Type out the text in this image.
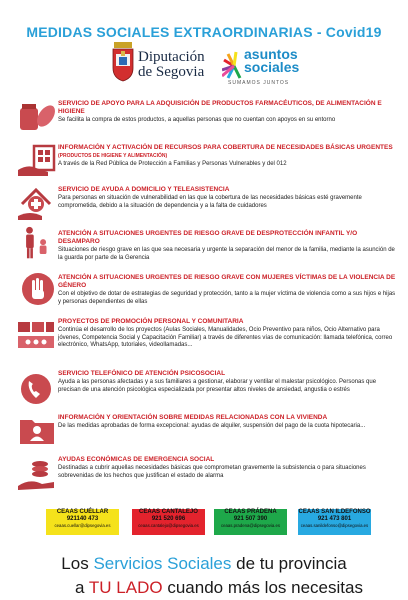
MEDIDAS SOCIALES EXTRAORDINARIAS - Covid19
Diputación
de Segovia
asuntos
sociales
SUMAMOS JUNTOS
SERVICIO DE APOYO PARA LA ADQUISICIÓN DE PRODUCTOS FARMACÉUTICOS, DE ALIMENTACIÓN E HIGIENE

Se facilita la compra de estos productos, a aquellas personas que no cuentan con apoyos en su entorno

INFORMACIÓN Y ACTIVACIÓN DE RECURSOS PARA COBERTURA DE NECESIDADES BÁSICAS URGENTES (PRODUCTOS DE HIGIENE Y ALIMENTACIÓN)

A través de la Red Pública de Protección a Familias y Personas Vulnerables y del 012

SERVICIO DE AYUDA A DOMICILIO Y TELEASISTENCIA

Para personas en situación de vulnerabilidad en las que la cobertura de las necesidades básicas esté gravemente comprometida, debido a la situación de dependencia y a la falta de cuidadores

ATENCIÓN A SITUACIONES URGENTES DE RIESGO GRAVE DE DESPROTECCIÓN INFANTIL Y/O DESAMPARO

Situaciones de riesgo grave en las que sea necesaria y urgente la separación del menor de la familia, mediante la asunción de la guarda por parte de la Gerencia

ATENCIÓN A SITUACIONES URGENTES DE RIESGO GRAVE CON MUJERES VÍCTIMAS DE LA VIOLENCIA DE GÉNERO

Con el objetivo de dotar de estrategias de seguridad y protección, tanto a la mujer víctima de violencia como a sus hijos e hijas y personas dependientes de ellas

PROYECTOS DE PROMOCIÓN PERSONAL Y COMUNITARIA

Continúa el desarrollo de los proyectos (Aulas Sociales, Manualidades, Ocio Preventivo para niños, Ocio Alternativo para jóvenes, Competencia Social y Capacitación Familiar) a través de diferentes vías de comunicación: llamada telefónica, correo electrónico, WhatsApp, tutoriales, videollamadas...

SERVICIO TELEFÓNICO DE ATENCIÓN PSICOSOCIAL

Ayuda a las personas afectadas y a sus familiares a gestionar, elaborar y ventilar el malestar psicológico. Personas que precisan de una atención psicológica especializada por presentar altos niveles de ansiedad, angustia o estrés

INFORMACIÓN Y ORIENTACIÓN SOBRE MEDIDAS RELACIONADAS CON LA VIVIENDA

De las medidas aprobadas de forma excepcional: ayudas de alquiler, suspensión del pago de la cuota hipotecaria...

AYUDAS ECONÓMICAS DE EMERGENCIA SOCIAL

Destinadas a cubrir aquellas necesidades básicas que comprometan gravemente la subsistencia o para situaciones sobrevenidas de los hechos que justifican el estado de alarma

CEAAS CUÉLLAR
921140 473
ceaas.cuellar@dipsegovia.es
CEAAS CANTALEJO
921 520 696
ceaas.cantalejo@dipsegovia.es
CEAAS PRÁDENA
921 507 390
ceaas.pradena@dipsegovia.es
CEAAS SAN ILDEFONSO
921 473 801
ceaas.sanildefonso@dipsegovia.es
Los Servicios Sociales de tu provincia
a TU LADO cuando más los necesitas
